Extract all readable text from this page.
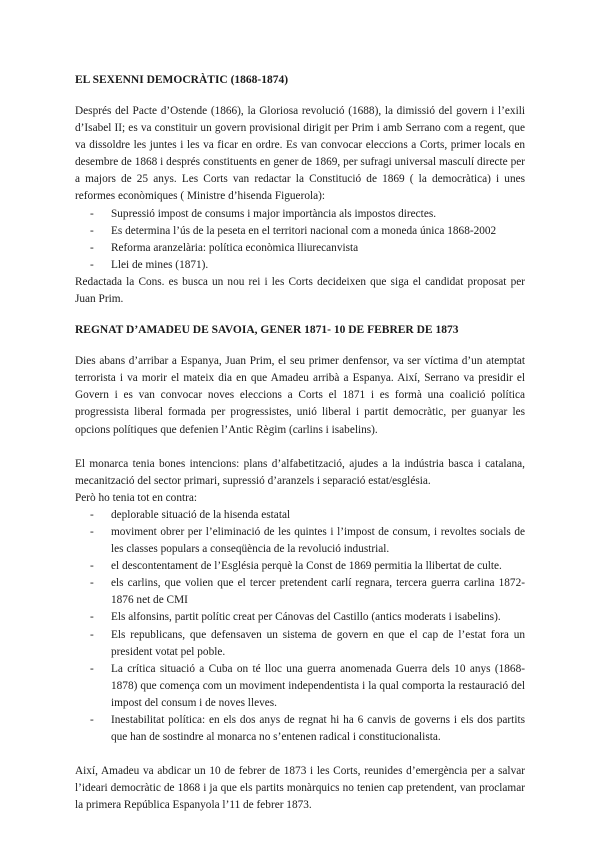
EL SEXENNI DEMOCRÀTIC (1868-1874)

Després del Pacte d’Ostende (1866), la Gloriosa revolució (1688), la dimissió del govern i l’exili d’Isabel II; es va constituir un govern provisional dirigit per Prim i amb Serrano com a regent, que va dissoldre les juntes i les va ficar en ordre. Es van convocar eleccions a Corts, primer locals en desembre de 1868 i després constituents en gener de 1869, per sufragi universal masculí directe per a majors de 25 anys. Les Corts van redactar la Constitució de 1869 ( la democràtica) i unes reformes econòmiques ( Ministre d’hisenda Figuerola):

- Supressió impost de consums i major importància als impostos directes.
- Es determina l’ús de la peseta en el territori nacional com a moneda única 1868-2002
- Reforma aranzelària: política econòmica lliurecanvista
- Llei de mines (1871).

Redactada la Cons. es busca un nou rei i les Corts decideixen que siga el candidat proposat per Juan Prim.

REGNAT D’AMADEU DE SAVOIA, GENER 1871- 10 DE FEBRER DE 1873

Dies abans d’arribar a Espanya, Juan Prim, el seu primer denfensor, va ser víctima d’un atemptat terrorista i va morir el mateix dia en que Amadeu arribà a Espanya. Així, Serrano va presidir el Govern i es van convocar noves eleccions a Corts el 1871 i es formà una coalició política progressista liberal formada per progressistes, unió liberal i partit democràtic, per guanyar les opcions polítiques que defenien l’Antic Règim (carlins i isabelins).

El monarca tenia bones intencions: plans d’alfabetització, ajudes a la indústria basca i catalana, mecanització del sector primari, supressió d’aranzels i separació estat/església.

Però ho tenia tot en contra:

- deplorable situació de la hisenda estatal
- moviment obrer per l’eliminació de les quintes i l’impost de consum, i revoltes socials de les classes populars a conseqüència de la revolució industrial.
- el descontentament de l’Església perquè la Const de 1869 permitia la llibertat de culte.
- els carlins, que volien que el tercer pretendent carlí regnara, tercera guerra carlina 1872-1876 net de CMI
- Els alfonsins, partit polític creat per Cánovas del Castillo (antics moderats i isabelins).
- Els republicans, que defensaven un sistema de govern en que el cap de l’estat fora un president votat pel poble.
- La crítica situació a Cuba on té lloc una guerra anomenada Guerra dels 10 anys (1868-1878) que comença com un moviment independentista i la qual comporta la restauració del impost del consum i de noves lleves.
- Inestabilitat política: en els dos anys de regnat hi ha 6 canvis de governs i els dos partits que han de sostindre al monarca no s’entenen radical i constitucionalista.

Així, Amadeu va abdicar un 10 de febrer de 1873 i les Corts, reunides d’emergència per a salvar l’ideari democràtic de 1868 i ja que els partits monàrquics no tenien cap pretendent, van proclamar la primera República Espanyola l’11 de febrer 1873.
